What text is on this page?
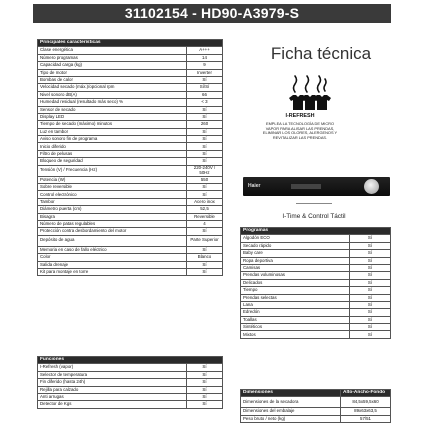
31102154 - HD90-A3979-S
Principales características	
Clase energética	A+++
Número programas	14
Capacidad carga (kg)	9
Tipo de motor	Inverter
Bombas de calor	Sí
Velocidad secado (máx.)/opcional rpm	Sí/Sí
Nivel sonoro dB(A)	66
Humedad residual (resultado más seco) %	< 3
Sensor de secado	Sí
Display LED	Sí
Tiempo de secado (máximo) minutos	260
Luz en tambor	Sí
Aviso sonoro fin de programa	Sí
Inicio diferido	Sí
Filtro de pelusas	Sí
Bloqueo de seguridad	Sí
Tensión (V) / Frecuencia (Hz)	220-240V / 50Hz
Potencia (W)	550
Sobre reversible	Sí
Control electrónico	Sí
Tambor	Acero inox
Diámetro puerta (cm)	52,5
Bisagra	Reversible
Número de patas regulables	4
Protección contra desbordamiento del motor	Sí
Depósito de agua	Parte Superior
Memoria en caso de fallo eléctrico	Sí
Color	Blanco
Salida drenaje	Sí
Kit para montaje en torre	Sí
Funciones	
I-Refresh (vapor)	Sí
Selector de temperatura	Sí
Fin diferido (hasta 24h)	Sí
Rejilla para calzado	Sí
Anti arrugas	Sí
Detector de Kgs	Sí
Ficha técnica
I-REFRESH
EMPLEA LA TECNOLOGÍA DE MICRO VAPOR PARA ALISAR LAS PRENDAS, ELIMINAR LOS OLORES, ALERGENOS Y REVITALIZAR LAS PRENDAS.
Haier
I-Time & Control Táctil
Programas	
Algodón ECO	Sí
Secado rápido	Sí
Baby care	Sí
Ropa deportiva	Sí
Camisas	Sí
Prendas voluminosas	Sí
Delicados	Sí
Tiempo	Sí
Prendas selectas	Sí
Lana	Sí
Edredón	Sí
Toallas	Sí
Sintéticos	Sí
Mixtos	Sí
Dimensiones	Alto-Ancho-Fondo
Dimensiones de la secadora	84,5x59,5x60
Dimensiones del embalaje	89x63x63,5
Peso bruto / neto (kg)	57/51
